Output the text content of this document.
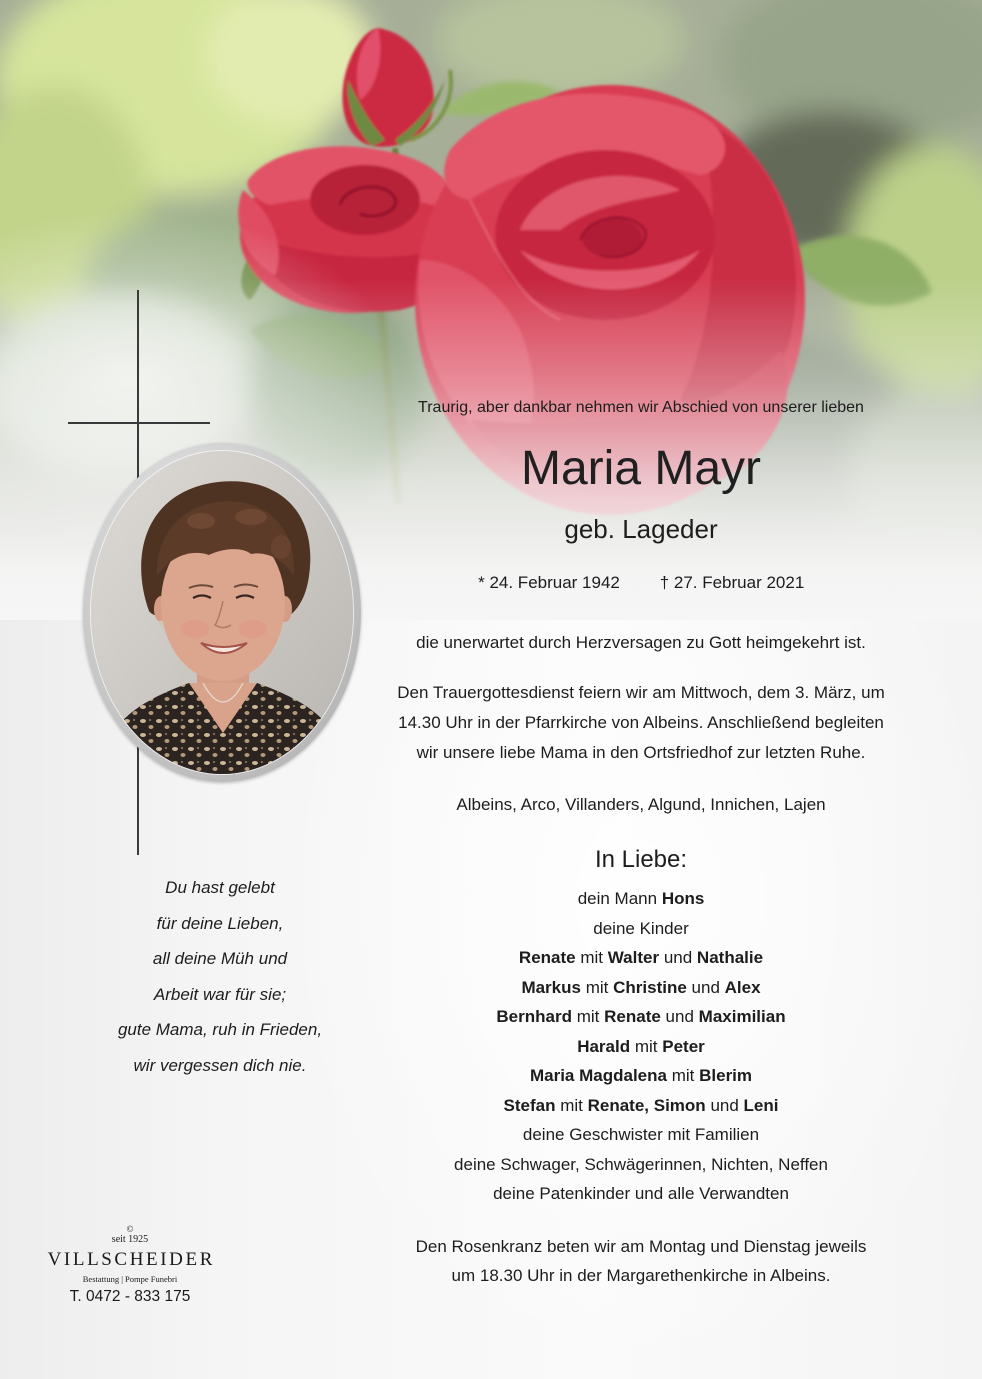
Traurig, aber dankbar nehmen wir Abschied von unserer lieben
Maria Mayr
geb. Lageder
* 24. Februar 1942	† 27. Februar 2021
die unerwartet durch Herzversagen zu Gott heimgekehrt ist.
Den Trauergottesdienst feiern wir am Mittwoch, dem 3. März, um
14.30 Uhr in der Pfarrkirche von Albeins. Anschließend begleiten
wir unsere liebe Mama in den Ortsfriedhof zur letzten Ruhe.
Albeins, Arco, Villanders, Algund, Innichen, Lajen
In Liebe:
dein Mann Hons
deine Kinder
Renate mit Walter und Nathalie
Markus mit Christine und Alex
Bernhard mit Renate und Maximilian
Harald mit Peter
Maria Magdalena mit Blerim
Stefan mit Renate, Simon und Leni
deine Geschwister mit Familien
deine Schwager, Schwägerinnen, Nichten, Neffen
deine Patenkinder und alle Verwandten
Den Rosenkranz beten wir am Montag und Dienstag jeweils
um 18.30 Uhr in der Margarethenkirche in Albeins.
Du hast gelebt
für deine Lieben,
all deine Müh und
Arbeit war für sie;
gute Mama, ruh in Frieden,
wir vergessen dich nie.
©
seit 1925
VILLSCHEIDER
Bestattung | Pompe Funebri
T. 0472 - 833 175
